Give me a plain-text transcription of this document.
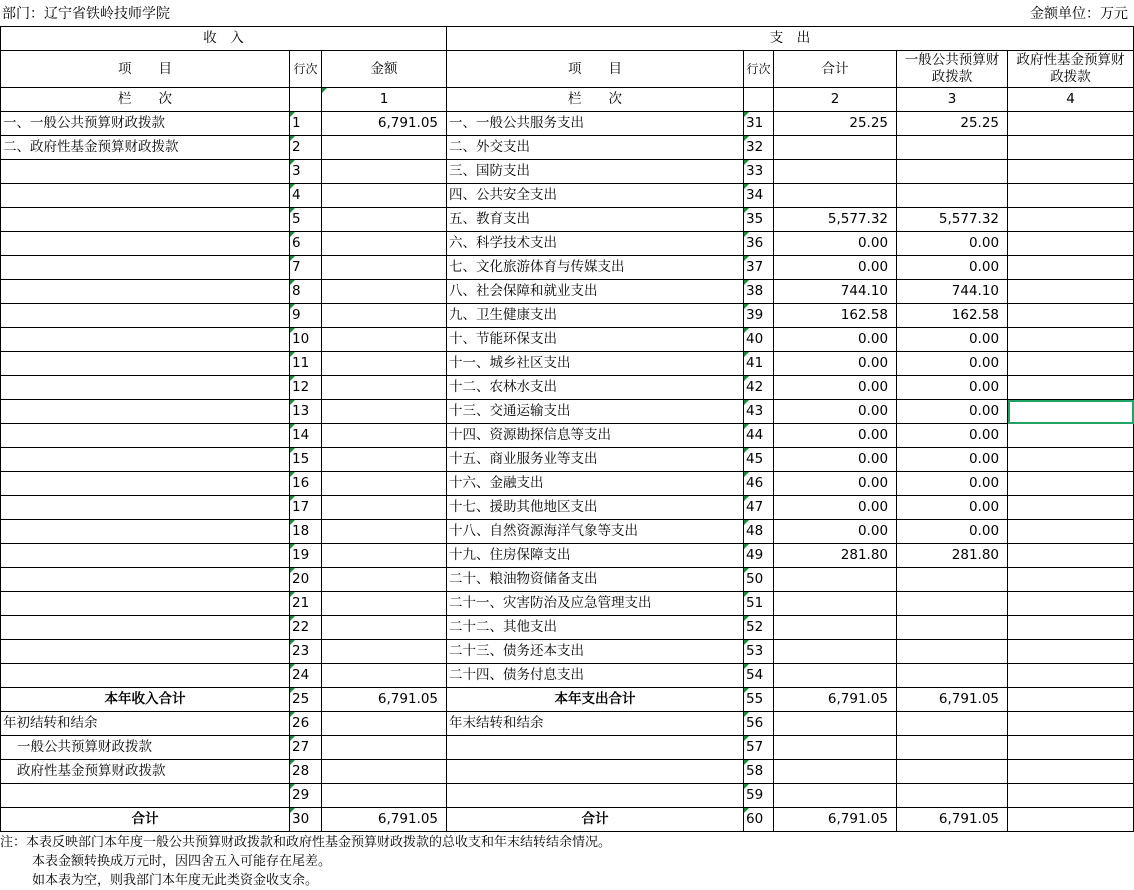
部门：辽宁省铁岭技师学院	金额单位：万元
收　入			支　出				
项　　目	行次	金额	项　　目	行次	合计	一般公共预算财政拨款	政府性基金预算财政拨款
栏　　次		1	栏　　次		2	3	4
一、一般公共预算财政拨款	1	6,791.05	一、一般公共服务支出	31	25.25	25.25	
二、政府性基金预算财政拨款	2		二、外交支出	32			
	3		三、国防支出	33			
	4		四、公共安全支出	34			
	5		五、教育支出	35	5,577.32	5,577.32	
	6		六、科学技术支出	36	0.00	0.00	
	7		七、文化旅游体育与传媒支出	37	0.00	0.00	
	8		八、社会保障和就业支出	38	744.10	744.10	
	9		九、卫生健康支出	39	162.58	162.58	
	10		十、节能环保支出	40	0.00	0.00	
	11		十一、城乡社区支出	41	0.00	0.00	
	12		十二、农林水支出	42	0.00	0.00	
	13		十三、交通运输支出	43	0.00	0.00	
	14		十四、资源勘探信息等支出	44	0.00	0.00	
	15		十五、商业服务业等支出	45	0.00	0.00	
	16		十六、金融支出	46	0.00	0.00	
	17		十七、援助其他地区支出	47	0.00	0.00	
	18		十八、自然资源海洋气象等支出	48	0.00	0.00	
	19		十九、住房保障支出	49	281.80	281.80	
	20		二十、粮油物资储备支出	50			
	21		二十一、灾害防治及应急管理支出	51			
	22		二十二、其他支出	52			
	23		二十三、债务还本支出	53			
	24		二十四、债务付息支出	54			
本年收入合计	25	6,791.05	本年支出合计	55	6,791.05	6,791.05	
年初结转和结余	26		年末结转和结余	56			
一般公共预算财政拨款	27			57			
政府性基金预算财政拨款	28			58			
	29			59			
合计	30	6,791.05	合计	60	6,791.05	6,791.05	
注：本表反映部门本年度一般公共预算财政拨款和政府性基金预算财政拨款的总收支和年末结转结余情况。
本表金额转换成万元时，因四舍五入可能存在尾差。
如本表为空，则我部门本年度无此类资金收支余。
